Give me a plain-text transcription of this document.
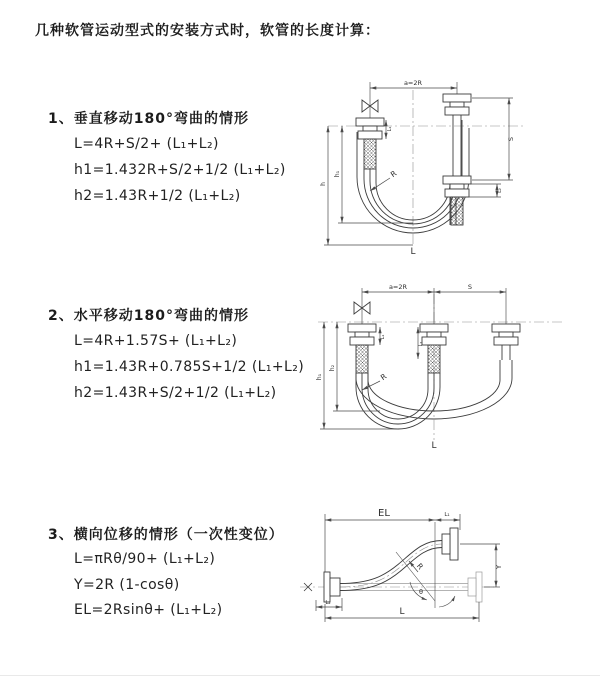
几种软管运动型式的安装方式时，软管的长度计算：
1、垂直移动180°弯曲的情形
L=4R+S/2+ (L₁+L₂)
h1=1.432R+S/2+1/2 (L₁+L₂)
h2=1.43R+1/2 (L₁+L₂)
2、水平移动180°弯曲的情形
L=4R+1.57S+ (L₁+L₂)
h1=1.43R+0.785S+1/2 (L₁+L₂)
h2=1.43R+S/2+1/2 (L₁+L₂)
3、横向位移的情形（一次性变位）
L=πRθ/90+ (L₁+L₂)
Y=2R (1-cosθ)
EL=2Rsinθ+ (L₁+L₂)
a=2R
S
L₂
L₁
h₁
h
R
L
a=2R	S
L₁
L₂
h₂
h₁	R
L
EL	L₁
Y
θ
R
L
L₂
